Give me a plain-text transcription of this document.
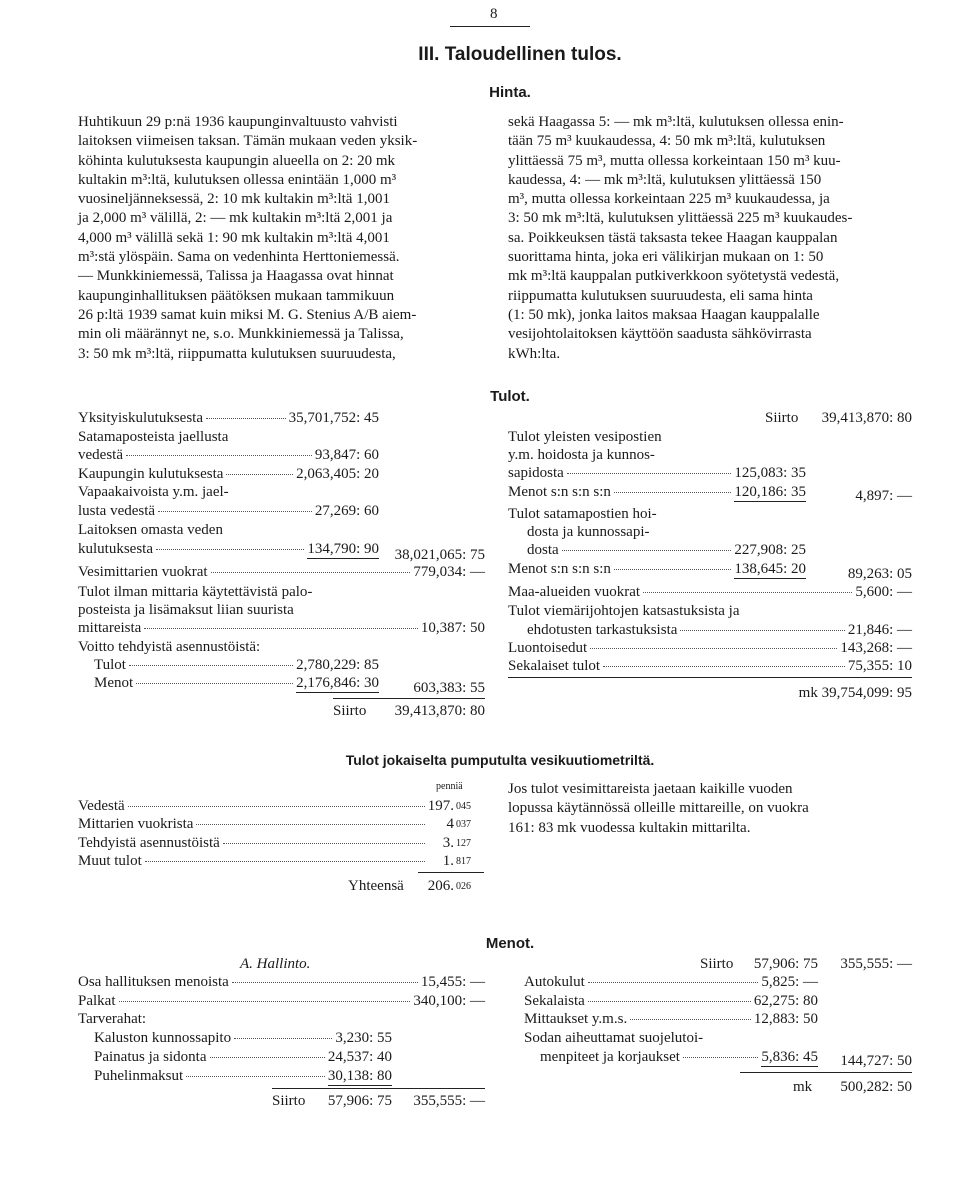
8
III. Taloudellinen tulos.
Hinta.

Huhtikuun 29 p:nä 1936 kaupunginvaltuusto vahvisti

laitoksen viimeisen taksan. Tämän mukaan veden yksik-

köhinta kulutuksesta kaupungin alueella on 2: 20 mk

kultakin m³:ltä, kulutuksen ollessa enintään 1,000 m³

vuosineljänneksessä, 2: 10 mk kultakin m³:ltä 1,001

ja 2,000 m³ välillä, 2: — mk kultakin m³:ltä 2,001 ja

4,000 m³ välillä sekä 1: 90 mk kultakin m³:ltä 4,001

m³:stä ylöspäin. Sama on vedenhinta Herttoniemessä.

— Munkkiniemessä, Talissa ja Haagassa ovat hinnat

kaupunginhallituksen päätöksen mukaan tammikuun

26 p:ltä 1939 samat kuin miksi M. G. Stenius A/B aiem-

min oli määrännyt ne, s.o. Munkkiniemessä ja Talissa,

3: 50 mk m³:ltä, riippumatta kulutuksen suuruudesta,

sekä Haagassa 5: — mk m³:ltä, kulutuksen ollessa enin-

tään 75 m³ kuukaudessa, 4: 50 mk m³:ltä, kulutuksen

ylittäessä 75 m³, mutta ollessa korkeintaan 150 m³ kuu-

kaudessa, 4: — mk m³:ltä, kulutuksen ylittäessä 150

m³, mutta ollessa korkeintaan 225 m³ kuukaudessa, ja

3: 50 mk m³:ltä, kulutuksen ylittäessä 225 m³ kuukaudes-

sa. Poikkeuksen tästä taksasta tekee Haagan kauppalan

suorittama hinta, joka eri välikirjan mukaan on 1: 50

mk m³:ltä kauppalan putkiverkkoon syötetystä vedestä,

riippumatta kulutuksen suuruudesta, eli sama hinta

(1: 50 mk), jonka laitos maksaa Haagan kauppalalle

vesijohtolaitoksen käyttöön saadusta sähkövirrasta

kWh:lta.

Tulot.
Yksityiskulutuksesta	35,701,752: 45
Satamaposteista jaellusta
vedestä	93,847: 60
Kaupungin kulutuksesta	2,063,405: 20
Vapaakaivoista y.m. jael-
lusta vedestä	27,269: 60
Laitoksen omasta veden
kulutuksesta	134,790: 90	38,021,065: 75
Vesimittarien vuokrat	779,034: —
Tulot ilman mittaria käytettävistä palo-
posteista ja lisämaksut liian suurista
mittareista	10,387: 50
Voitto tehdyistä asennustöistä:
Tulot	2,780,229: 85
Menot	2,176,846: 30	603,383: 55
Siirto	39,413,870: 80
Siirto	39,413,870: 80
Tulot yleisten vesipostien
y.m. hoidosta ja kunnos-
sapidosta	125,083: 35
Menot s:n s:n s:n	120,186: 35	4,897: —
Tulot satamapostien hoi-
dosta ja kunnossapi-
dosta	227,908: 25
Menot s:n s:n s:n	138,645: 20	89,263: 05
Maa-alueiden vuokrat	5,600: —
Tulot viemärijohtojen katsastuksista ja
ehdotusten tarkastuksista	21,846: —
Luontoisedut	143,268: —
Sekalaiset tulot	75,355: 10
mk 39,754,099: 95
Tulot jokaiselta pumputulta vesikuutiometriltä.
penniä
Vedestä	197. 045
Mittarien vuokrista	4 037
Tehdyistä asennustöistä	3. 127
Muut tulot	1. 817
Yhteensä	206. 026

Jos tulot vesimittareista jaetaan kaikille vuoden

lopussa käytännössä olleille mittareille, on vuokra

161: 83 mk vuodessa kultakin mittarilta.

Menot.
A. Hallinto.
Osa hallituksen menoista	15,455: —
Palkat	340,100: —
Tarverahat:
Kaluston kunnossapito	3,230: 55
Painatus ja sidonta	24,537: 40
Puhelinmaksut	30,138: 80
Siirto	57,906: 75	355,555: —
Siirto	57,906: 75	355,555: —
Autokulut	5,825: —
Sekalaista	62,275: 80
Mittaukset y.m.s.	12,883: 50
Sodan aiheuttamat suojelutoi-
menpiteet ja korjaukset	5,836: 45	144,727: 50
mk	500,282: 50
